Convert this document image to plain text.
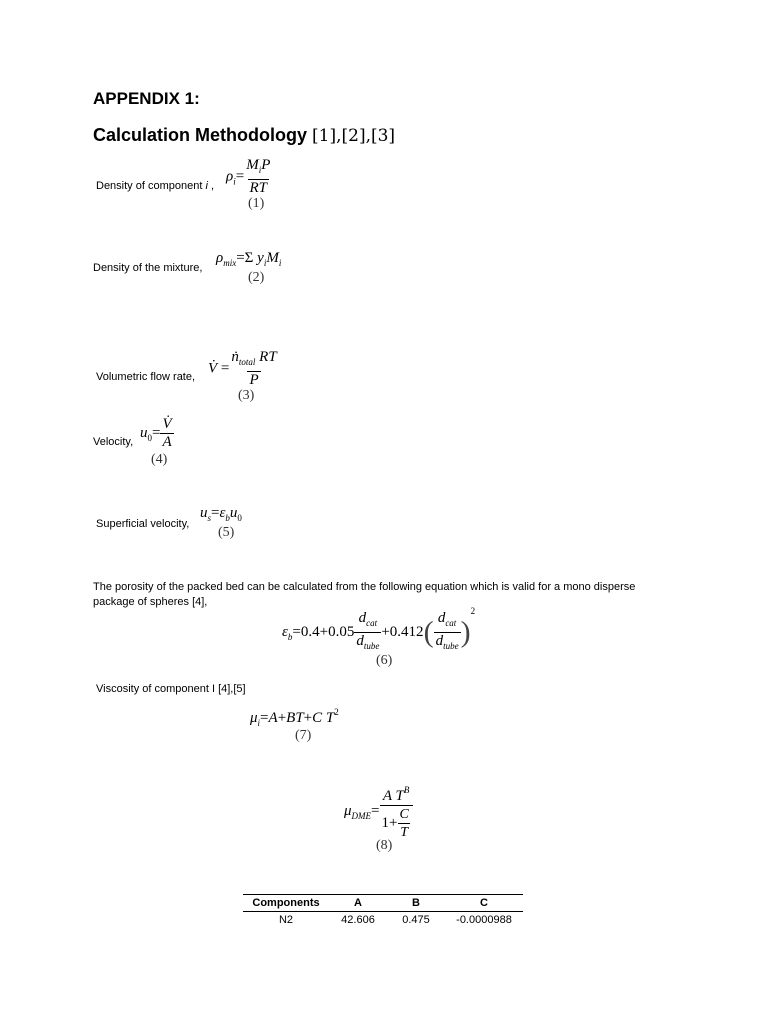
APPENDIX 1:
Calculation Methodology [1],[2],[3]
Density of component i ,
$\rho_i= \frac{M_iP}{RT}$
(1)
Density of the mixture,
$\rho_{mix}=\Sigma$ $y_iM_i$
(2)
Volumetric flow rate,
V̇ = $\frac{ṅ_{total} RT}{P}$
(3)
Velocity,
$u_0= \frac{V̇}{A}$
(4)
Superficial velocity,
$u_s=\varepsilon_bu_0$
(5)
The porosity of the packed bed can be calculated from the following equation which is valid for a mono disperse package of spheres [4],
$\varepsilon_b=0.4+0.05 \frac{d_{cat}}{d_{tube}} +0.412( \frac{d_{cat}}{d_{tube}} )^2$
(6)
Viscosity of component I [4],[5]
$\mu_i=A+BT+C$ $T^2$
(7)
$\mu_{DME}= \frac{A T^B}{1+ \frac{C}{T}}$
(8)
Components	A	B	C
N2	42.606	0.475	-0.0000988
